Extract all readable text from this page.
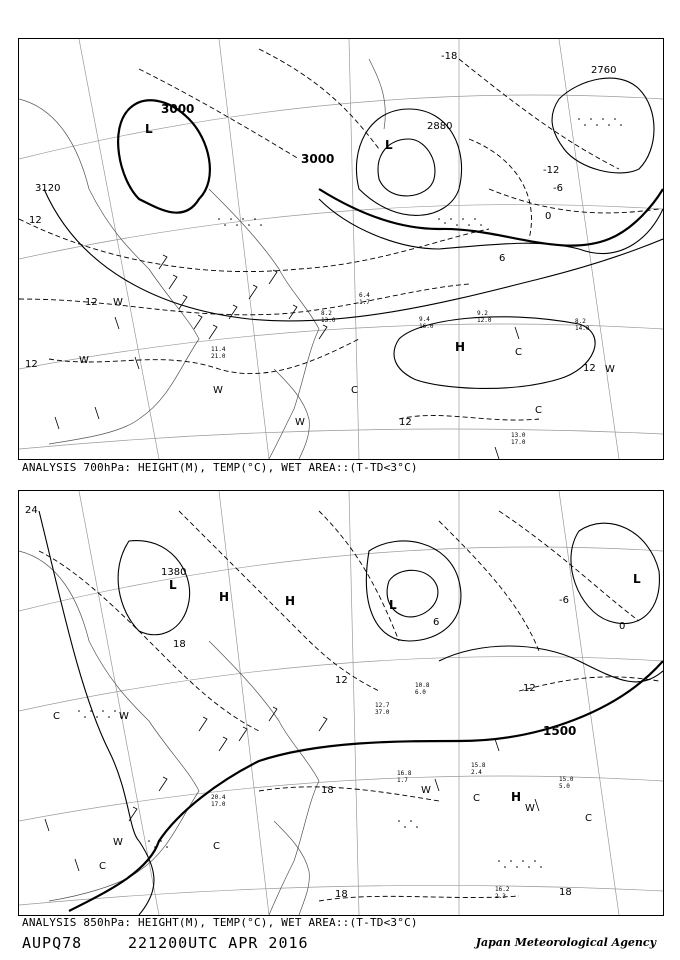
3000
3000
2880
2760
3120
-18
-12
-6
0
6
12
12
12	12
12
L
L
H
W
W
W
W
W
C
C
C
9.2
12.0	8.2
14.0
9.4
16.0
13.0
17.0
11.4
21.0
6.4
1.7
8.2
13.0
ANALYSIS 700hPa: HEIGHT(M), TEMP(°C), WET AREA::(T-TD<3°C)
1380
1500
24
18
12
6	0
-6
18
18	18
12
L
L
L
H	H
H
W
W
W
W
C
C
C
C
C
15.8
2.4
16.8
1.7	15.0
5.0
16.2
2.3
20.4
17.0
12.7
37.0
10.8
6.0
ANALYSIS 850hPa: HEIGHT(M), TEMP(°C), WET AREA::(T-TD<3°C)
AUPQ78	221200UTC APR 2016	Japan Meteorological Agency
